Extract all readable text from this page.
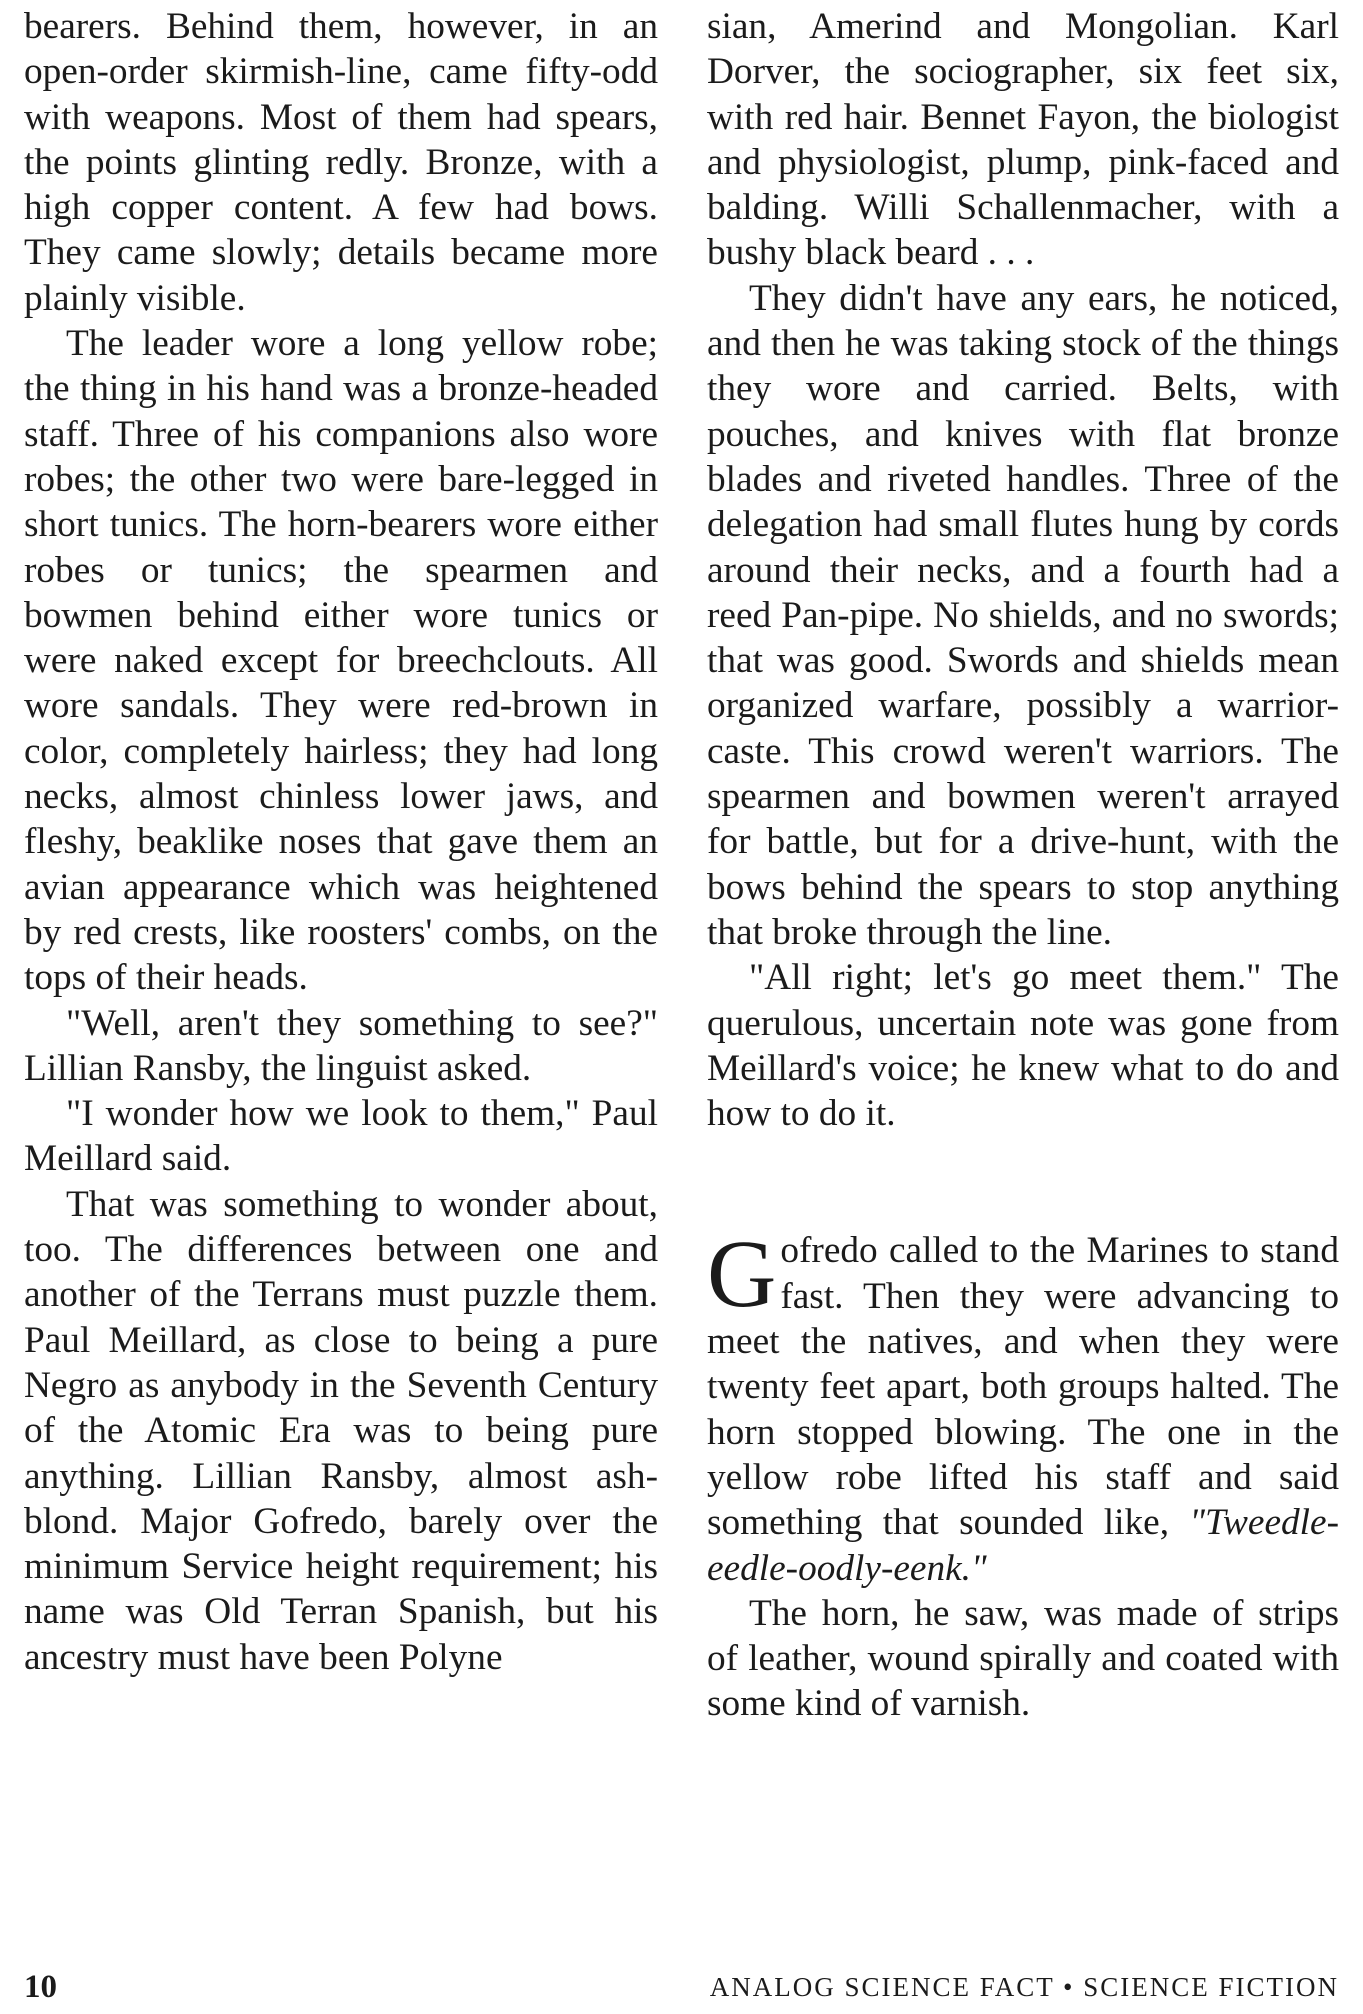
bearers. Behind them, however, in an open-order skirmish-line, came fifty-odd with weapons. Most of them had spears, the points glinting redly. Bronze, with a high copper content. A few had bows. They came slowly; details became more plainly visible.

The leader wore a long yellow robe; the thing in his hand was a bronze-headed staff. Three of his companions also wore robes; the other two were bare-legged in short tunics. The horn-bearers wore either robes or tunics; the spearmen and bowmen behind either wore tunics or were naked except for breechclouts. All wore sandals. They were red-brown in color, completely hairless; they had long necks, almost chinless lower jaws, and fleshy, beaklike noses that gave them an avian appearance which was heightened by red crests, like roosters' combs, on the tops of their heads.

"Well, aren't they something to see?" Lillian Ransby, the linguist asked.

"I wonder how we look to them," Paul Meillard said.

That was something to wonder about, too. The differences between one and another of the Terrans must puzzle them. Paul Meillard, as close to being a pure Negro as anybody in the Seventh Century of the Atomic Era was to being pure anything. Lillian Ransby, almost ash-blond. Major Gofredo, barely over the minimum Service height requirement; his name was Old Terran Spanish, but his ancestry must have been Polyne

sian, Amerind and Mongolian. Karl Dorver, the sociographer, six feet six, with red hair. Bennet Fayon, the biologist and physiologist, plump, pink-faced and balding. Willi Schallenmacher, with a bushy black beard . . .

They didn't have any ears, he noticed, and then he was taking stock of the things they wore and carried. Belts, with pouches, and knives with flat bronze blades and riveted handles. Three of the delegation had small flutes hung by cords around their necks, and a fourth had a reed Pan-pipe. No shields, and no swords; that was good. Swords and shields mean organized warfare, possibly a warrior-caste. This crowd weren't warriors. The spearmen and bowmen weren't arrayed for battle, but for a drive-hunt, with the bows behind the spears to stop anything that broke through the line.

"All right; let's go meet them." The querulous, uncertain note was gone from Meillard's voice; he knew what to do and how to do it.

Gofredo called to the Marines to stand fast. Then they were advancing to meet the natives, and when they were twenty feet apart, both groups halted. The horn stopped blowing. The one in the yellow robe lifted his staff and said something that sounded like, "Tweedle-eedle-oodly-eenk."

The horn, he saw, was made of strips of leather, wound spirally and coated with some kind of varnish.

10	ANALOG SCIENCE FACT • SCIENCE FICTION
